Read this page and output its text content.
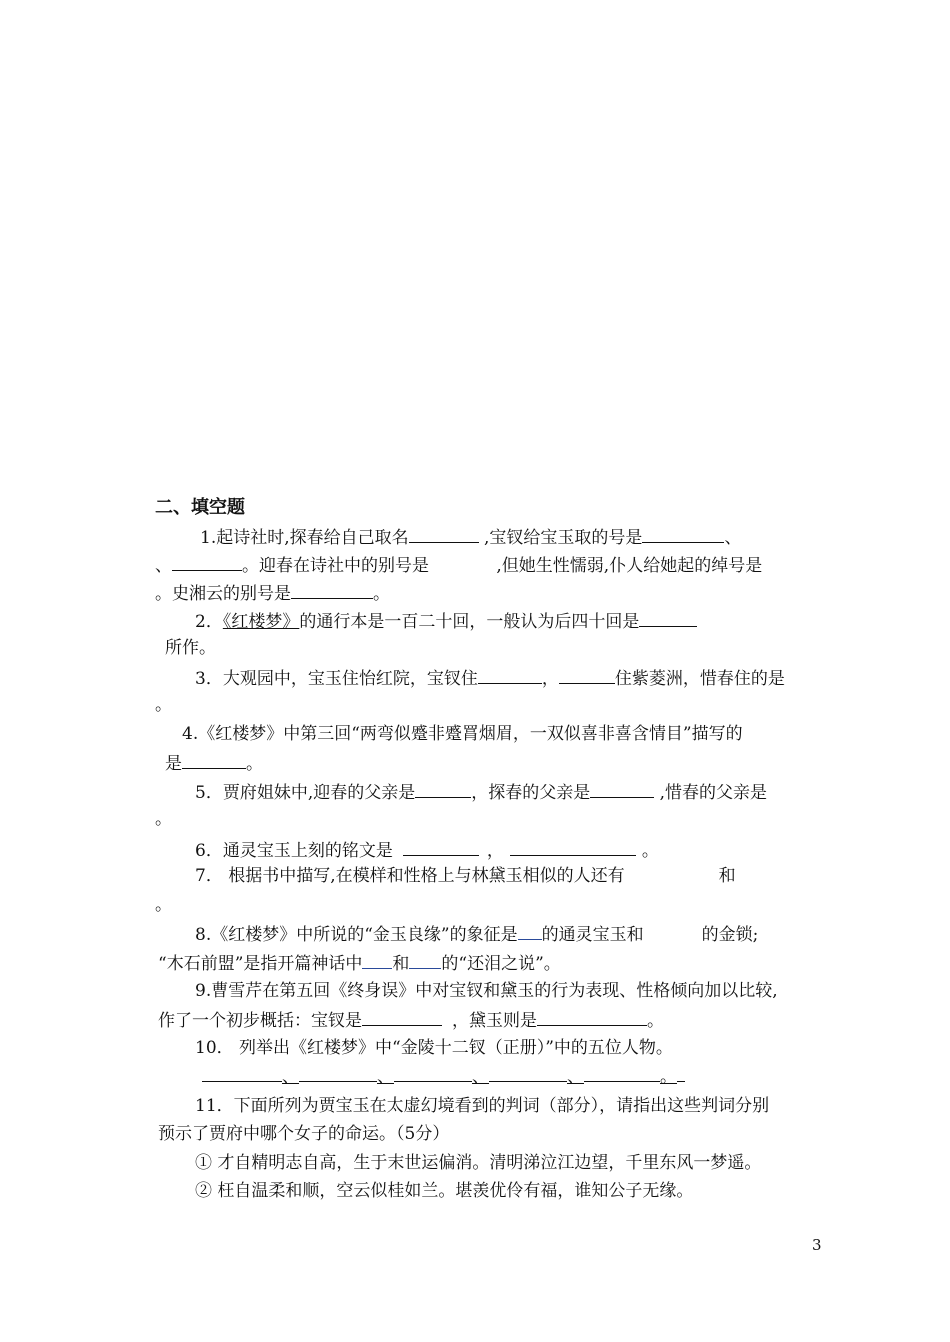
二、填空题
1.起诗社时,探春给自己取名	,宝钗给宝玉取的号是	、
、	。迎春在诗社中的别号是	,但她生性懦弱,仆人给她起的绰号是
。史湘云的别号是	。
2．《红楼梦》的通行本是一百二十回，一般认为后四十回是
所作。
3．大观园中，宝玉住怡红院，宝钗住	，	住紫菱洲，惜春住的是
。
4.《红楼梦》中第三回“两弯似蹙非蹙罥烟眉，一双似喜非喜含情目”描写的
是	。
5．贾府姐妹中,迎春的父亲是	，探春的父亲是	,惜春的父亲是
。
6．通灵宝玉上刻的铭文是	，	。
7． 根据书中描写,在模样和性格上与林黛玉相似的人还有	和
。
8.《红楼梦》中所说的“金玉良缘”的象征是 的通灵宝玉和	的金锁;
“木石前盟”是指开篇神话中 和 的“还泪之说”。
9.曹雪芹在第五回《终身误》中对宝钗和黛玉的行为表现、性格倾向加以比较,
作了一个初步概括：宝钗是	，黛玉则是	。
10． 列举出《红楼梦》中“金陵十二钗（正册）”中的五位人物。
、	、	、	、	。
11．下面所列为贾宝玉在太虚幻境看到的判词（部分），请指出这些判词分别
预示了贾府中哪个女子的命运。（5分）
① 才自精明志自高，生于末世运偏消。清明涕泣江边望，千里东风一梦遥。
② 枉自温柔和顺，空云似桂如兰。堪羡优伶有福，谁知公子无缘。
3
